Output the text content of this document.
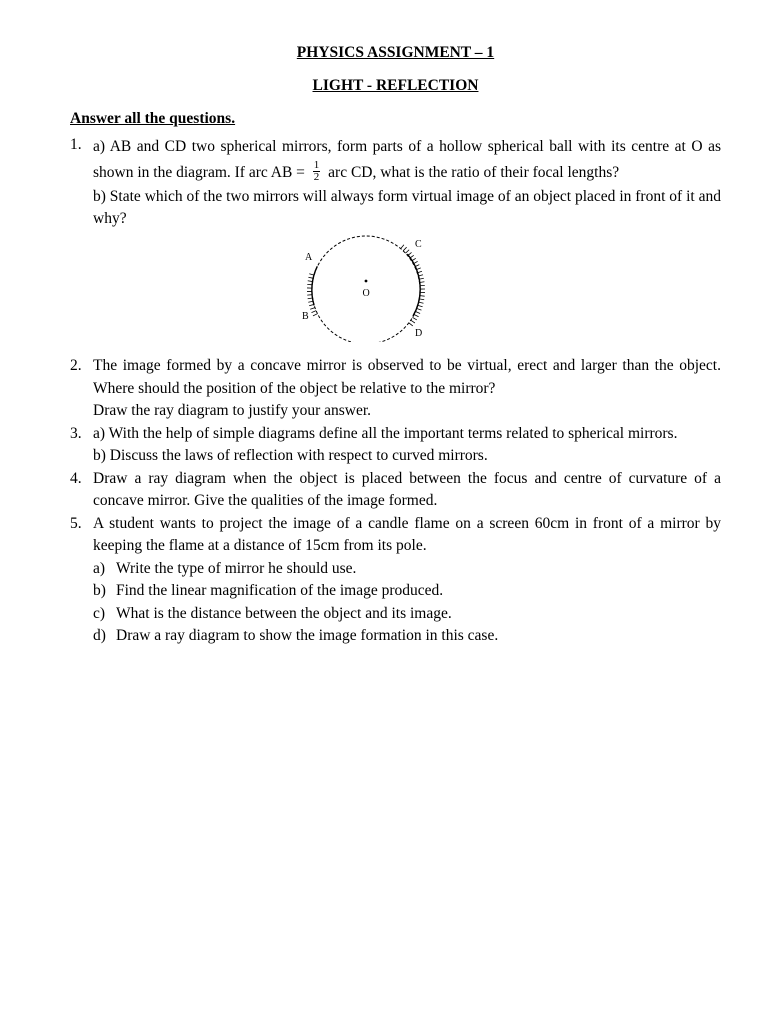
PHYSICS ASSIGNMENT – 1
LIGHT - REFLECTION
Answer all the questions.
1. a) AB and CD two spherical mirrors, form parts of a hollow spherical ball with its centre at O as shown in the diagram. If arc AB = $\frac{1}{2}$ arc CD, what is the ratio of their focal lengths?
b) State which of the two mirrors will always form virtual image of an object placed in front of it and why?
O
A
B
C
D
2. The image formed by a concave mirror is observed to be virtual, erect and larger than the object. Where should the position of the object be relative to the mirror?
Draw the ray diagram to justify your answer.
3. a) With the help of simple diagrams define all the important terms related to spherical mirrors.
b) Discuss the laws of reflection with respect to curved mirrors.
4. Draw a ray diagram when the object is placed between the focus and centre of curvature of a concave mirror. Give the qualities of the image formed.
5. A student wants to project the image of a candle flame on a screen 60cm in front of a mirror by keeping the flame at a distance of 15cm from its pole.
a) Write the type of mirror he should use.
b) Find the linear magnification of the image produced.
c) What is the distance between the object and its image.
d) Draw a ray diagram to show the image formation in this case.
